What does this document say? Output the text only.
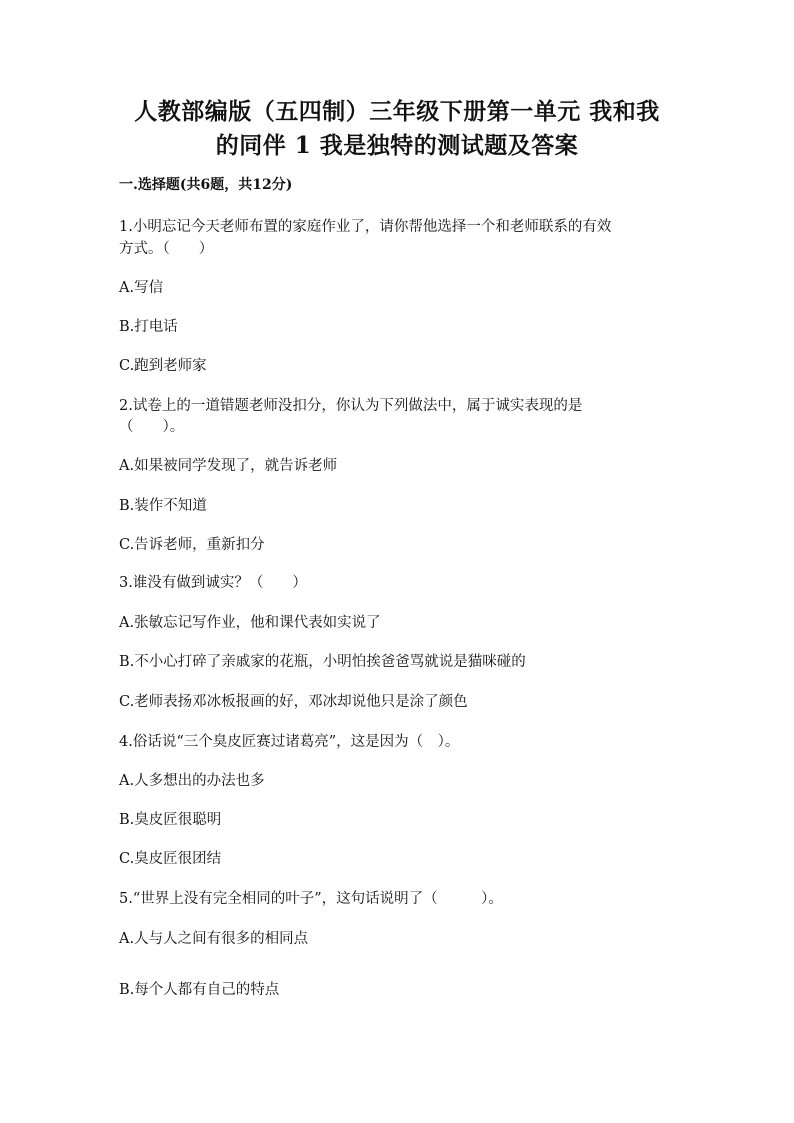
人教部编版（五四制）三年级下册第一单元 我和我
的同伴 1 我是独特的测试题及答案
一.选择题(共6题，共12分)
1.小明忘记今天老师布置的家庭作业了，请你帮他选择一个和老师联系的有效
方式。（　　）
A.写信
B.打电话
C.跑到老师家
2.试卷上的一道错题老师没扣分，你认为下列做法中，属于诚实表现的是
（　　）。
A.如果被同学发现了，就告诉老师
B.装作不知道
C.告诉老师，重新扣分
3.谁没有做到诚实？（　　）
A.张敏忘记写作业，他和课代表如实说了
B.不小心打碎了亲戚家的花瓶，小明怕挨爸爸骂就说是猫咪碰的
C.老师表扬邓冰板报画的好，邓冰却说他只是涂了颜色
4.俗话说“三个臭皮匠赛过诸葛亮”，这是因为（　）。
A.人多想出的办法也多
B.臭皮匠很聪明
C.臭皮匠很团结
5.“世界上没有完全相同的叶子”，这句话说明了（　　　）。
A.人与人之间有很多的相同点
B.每个人都有自己的特点
